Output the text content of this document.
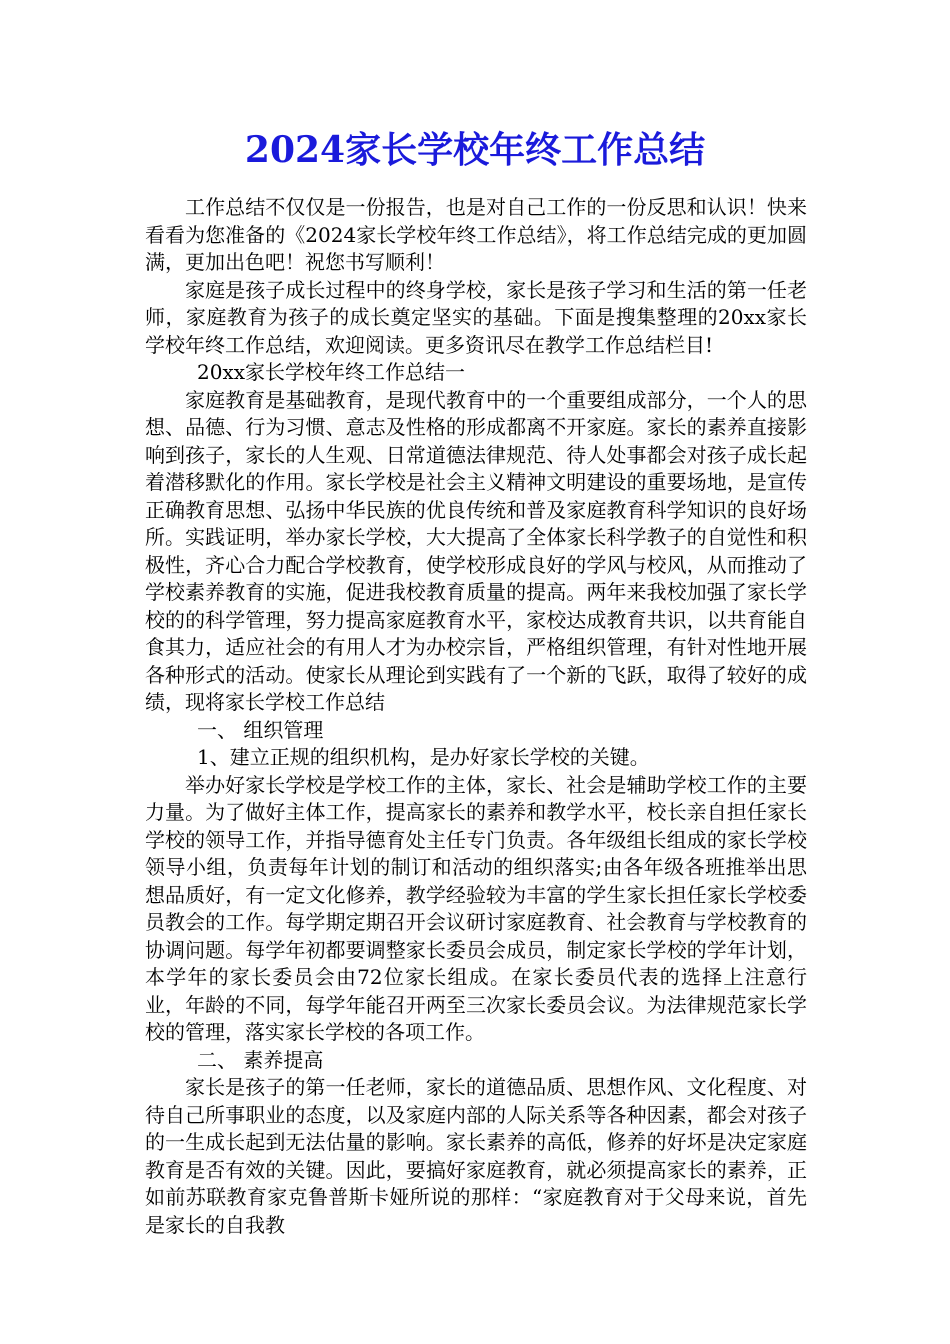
2024家长学校年终工作总结

工作总结不仅仅是一份报告，也是对自己工作的一份反思和认识！快来看看为您准备的《2024家长学校年终工作总结》，将工作总结完成的更加圆满，更加出色吧！祝您书写顺利！

家庭是孩子成长过程中的终身学校，家长是孩子学习和生活的第一任老师，家庭教育为孩子的成长奠定坚实的基础。下面是搜集整理的20xx家长学校年终工作总结，欢迎阅读。更多资讯尽在教学工作总结栏目!

20xx家长学校年终工作总结一

家庭教育是基础教育，是现代教育中的一个重要组成部分，一个人的思想、品德、行为习惯、意志及性格的形成都离不开家庭。家长的素养直接影响到孩子，家长的人生观、日常道德法律规范、待人处事都会对孩子成长起着潜移默化的作用。家长学校是社会主义精神文明建设的重要场地，是宣传正确教育思想、弘扬中华民族的优良传统和普及家庭教育科学知识的良好场所。实践证明，举办家长学校，大大提高了全体家长科学教子的自觉性和积极性，齐心合力配合学校教育，使学校形成良好的学风与校风，从而推动了学校素养教育的实施，促进我校教育质量的提高。两年来我校加强了家长学校的的科学管理，努力提高家庭教育水平，家校达成教育共识，以共育能自食其力，适应社会的有用人才为办校宗旨，严格组织管理，有针对性地开展各种形式的活动。使家长从理论到实践有了一个新的飞跃，取得了较好的成绩，现将家长学校工作总结

一、 组织管理

1、建立正规的组织机构，是办好家长学校的关键。

举办好家长学校是学校工作的主体，家长、社会是辅助学校工作的主要力量。为了做好主体工作，提高家长的素养和教学水平，校长亲自担任家长学校的领导工作，并指导德育处主任专门负责。各年级组长组成的家长学校领导小组，负责每年计划的制订和活动的组织落实;由各年级各班推举出思想品质好，有一定文化修养，教学经验较为丰富的学生家长担任家长学校委员教会的工作。每学期定期召开会议研讨家庭教育、社会教育与学校教育的协调问题。每学年初都要调整家长委员会成员，制定家长学校的学年计划，本学年的家长委员会由72位家长组成。在家长委员代表的选择上注意行业，年龄的不同，每学年能召开两至三次家长委员会议。为法律规范家长学校的管理，落实家长学校的各项工作。

二、 素养提高

家长是孩子的第一任老师，家长的道德品质、思想作风、文化程度、对待自己所事职业的态度，以及家庭内部的人际关系等各种因素，都会对孩子的一生成长起到无法估量的影响。家长素养的高低，修养的好坏是决定家庭教育是否有效的关键。因此，要搞好家庭教育，就必须提高家长的素养，正如前苏联教育家克鲁普斯卡娅所说的那样：“家庭教育对于父母来说，首先是家长的自我教
